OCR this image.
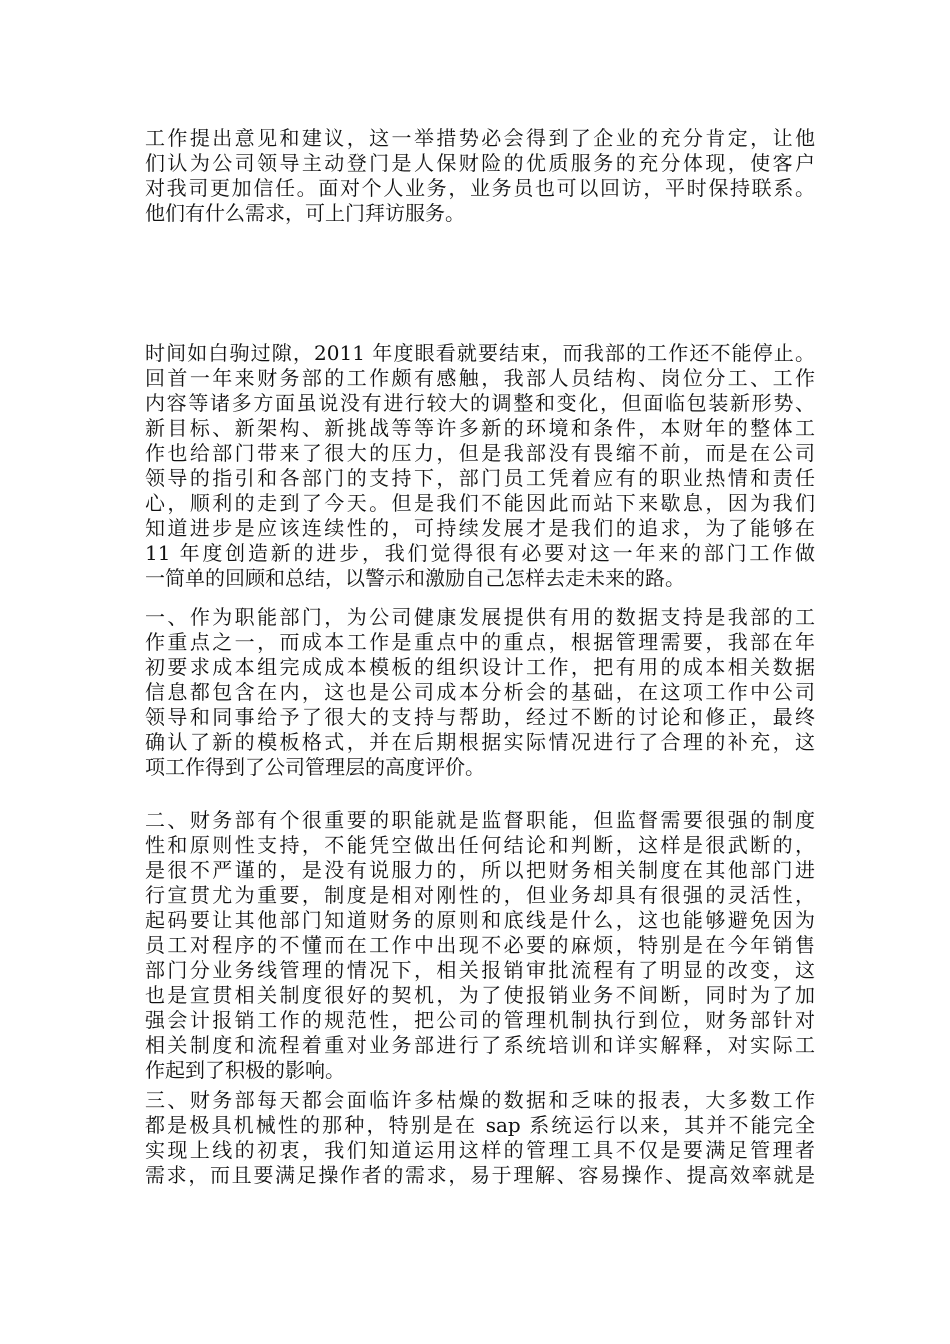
工作提出意见和建议，这一举措势必会得到了企业的充分肯定，让他
们认为公司领导主动登门是人保财险的优质服务的充分体现，使客户
对我司更加信任。面对个人业务，业务员也可以回访，平时保持联系。
他们有什么需求，可上门拜访服务。
时间如白驹过隙，2011 年度眼看就要结束，而我部的工作还不能停止。
回首一年来财务部的工作颇有感触，我部人员结构、岗位分工、工作
内容等诸多方面虽说没有进行较大的调整和变化，但面临包装新形势、
新目标、新架构、新挑战等等许多新的环境和条件，本财年的整体工
作也给部门带来了很大的压力，但是我部没有畏缩不前，而是在公司
领导的指引和各部门的支持下，部门员工凭着应有的职业热情和责任
心，顺利的走到了今天。但是我们不能因此而站下来歇息，因为我们
知道进步是应该连续性的，可持续发展才是我们的追求，为了能够在
11 年度创造新的进步，我们觉得很有必要对这一年来的部门工作做
一简单的回顾和总结，以警示和激励自己怎样去走未来的路。
一、作为职能部门，为公司健康发展提供有用的数据支持是我部的工
作重点之一，而成本工作是重点中的重点，根据管理需要，我部在年
初要求成本组完成成本模板的组织设计工作，把有用的成本相关数据
信息都包含在内，这也是公司成本分析会的基础，在这项工作中公司
领导和同事给予了很大的支持与帮助，经过不断的讨论和修正，最终
确认了新的模板格式，并在后期根据实际情况进行了合理的补充，这
项工作得到了公司管理层的高度评价。
二、财务部有个很重要的职能就是监督职能，但监督需要很强的制度
性和原则性支持，不能凭空做出任何结论和判断，这样是很武断的，
是很不严谨的，是没有说服力的，所以把财务相关制度在其他部门进
行宣贯尤为重要，制度是相对刚性的，但业务却具有很强的灵活性，
起码要让其他部门知道财务的原则和底线是什么，这也能够避免因为
员工对程序的不懂而在工作中出现不必要的麻烦，特别是在今年销售
部门分业务线管理的情况下，相关报销审批流程有了明显的改变，这
也是宣贯相关制度很好的契机，为了使报销业务不间断，同时为了加
强会计报销工作的规范性，把公司的管理机制执行到位，财务部针对
相关制度和流程着重对业务部进行了系统培训和详实解释，对实际工
作起到了积极的影响。
三、财务部每天都会面临许多枯燥的数据和乏味的报表，大多数工作
都是极具机械性的那种，特别是在 sap 系统运行以来，其并不能完全
实现上线的初衷，我们知道运用这样的管理工具不仅是要满足管理者
需求，而且要满足操作者的需求，易于理解、容易操作、提高效率就是
